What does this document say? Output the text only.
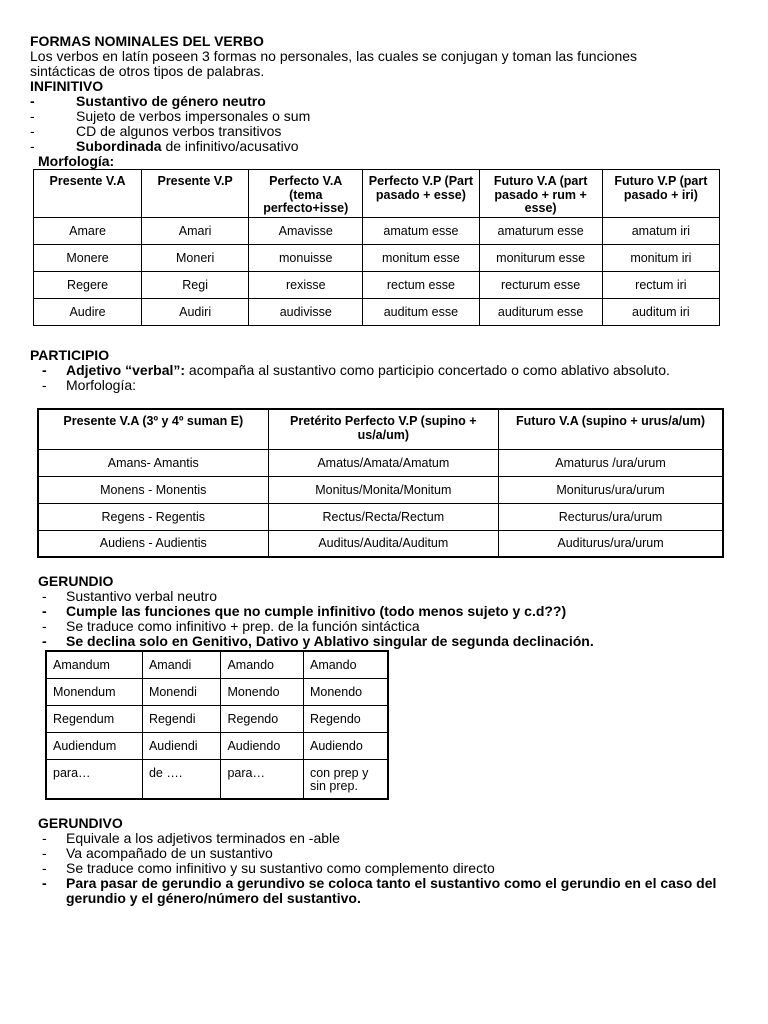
FORMAS NOMINALES DEL VERBO
Los verbos en latín poseen 3 formas no personales, las cuales se conjugan y toman las funciones
sintácticas de otros tipos de palabras.
INFINITIVO
-	Sustantivo de género neutro
-	Sujeto de verbos impersonales o sum
-	CD de algunos verbos transitivos
-	Subordinada de infinitivo/acusativo
Morfología:
Presente V.A	Presente V.P	Perfecto V.A (tema perfecto+isse)	Perfecto V.P (Part pasado + esse)	Futuro V.A (part pasado + rum + esse)	Futuro V.P (part pasado + iri)
Amare	Amari	Amavisse	amatum esse	amaturum esse	amatum iri
Monere	Moneri	monuisse	monitum esse	moniturum esse	monitum iri
Regere	Regi	rexisse	rectum esse	recturum esse	rectum iri
Audire	Audiri	audivisse	auditum esse	auditurum esse	auditum iri
PARTICIPIO
- Adjetivo “verbal”: acompaña al sustantivo como participio concertado o como ablativo absoluto.
- Morfología:
Presente V.A (3º y 4º suman E)	Pretérito Perfecto V.P (supino + us/a/um)	Futuro V.A (supino + urus/a/um)
Amans- Amantis	Amatus/Amata/Amatum	Amaturus /ura/urum
Monens - Monentis	Monitus/Monita/Monitum	Moniturus/ura/urum
Regens - Regentis	Rectus/Recta/Rectum	Recturus/ura/urum
Audiens - Audientis	Auditus/Audita/Auditum	Auditurus/ura/urum
GERUNDIO
- Sustantivo verbal neutro
- Cumple las funciones que no cumple infinitivo (todo menos sujeto y c.d??)
- Se traduce como infinitivo + prep. de la función sintáctica
- Se declina solo en Genitivo, Dativo y Ablativo singular de segunda declinación.
Amandum	Amandi	Amando	Amando
Monendum	Monendi	Monendo	Monendo
Regendum	Regendi	Regendo	Regendo
Audiendum	Audiendi	Audiendo	Audiendo
para…	de ….	para…	con prep y sin prep.
GERUNDIVO
- Equivale a los adjetivos terminados en -able
- Va acompañado de un sustantivo
- Se traduce como infinitivo y su sustantivo como complemento directo
- Para pasar de gerundio a gerundivo se coloca tanto el sustantivo como el gerundio en el caso del
gerundio y el género/número del sustantivo.
